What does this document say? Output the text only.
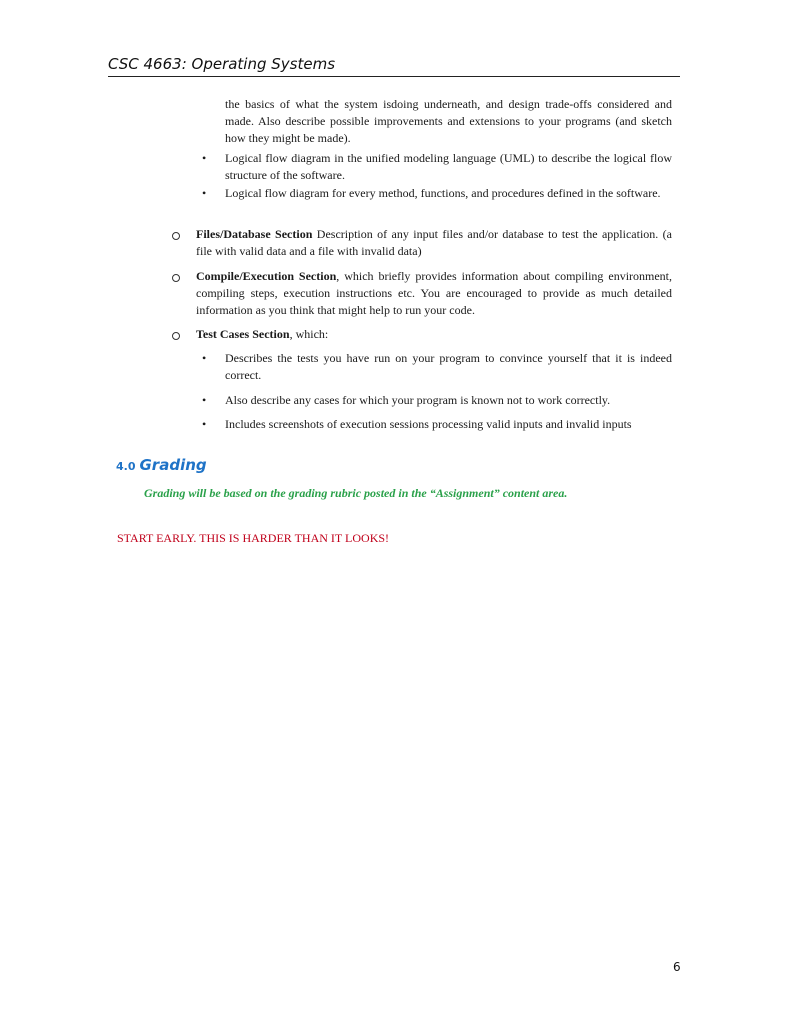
CSC 4663: Operating Systems
the basics of what the system isdoing underneath, and design trade-offs considered and made. Also describe possible improvements and extensions to your programs (and sketch how they might be made).
• Logical flow diagram in the unified modeling language (UML) to describe the logical flow structure of the software.
• Logical flow diagram for every method, functions, and procedures defined in the software.
Files/Database Section Description of any input files and/or database to test the application. (a file with valid data and a file with invalid data)
Compile/Execution Section, which briefly provides information about compiling environment, compiling steps, execution instructions etc. You are encouraged to provide as much detailed information as you think that might help to run your code.
Test Cases Section, which:
• Describes the tests you have run on your program to convince yourself that it is indeed correct.
• Also describe any cases for which your program is known not to work correctly.
• Includes screenshots of execution sessions processing valid inputs and invalid inputs
4.0 Grading
Grading will be based on the grading rubric posted in the “Assignment” content area.
START EARLY. THIS IS HARDER THAN IT LOOKS!
6
